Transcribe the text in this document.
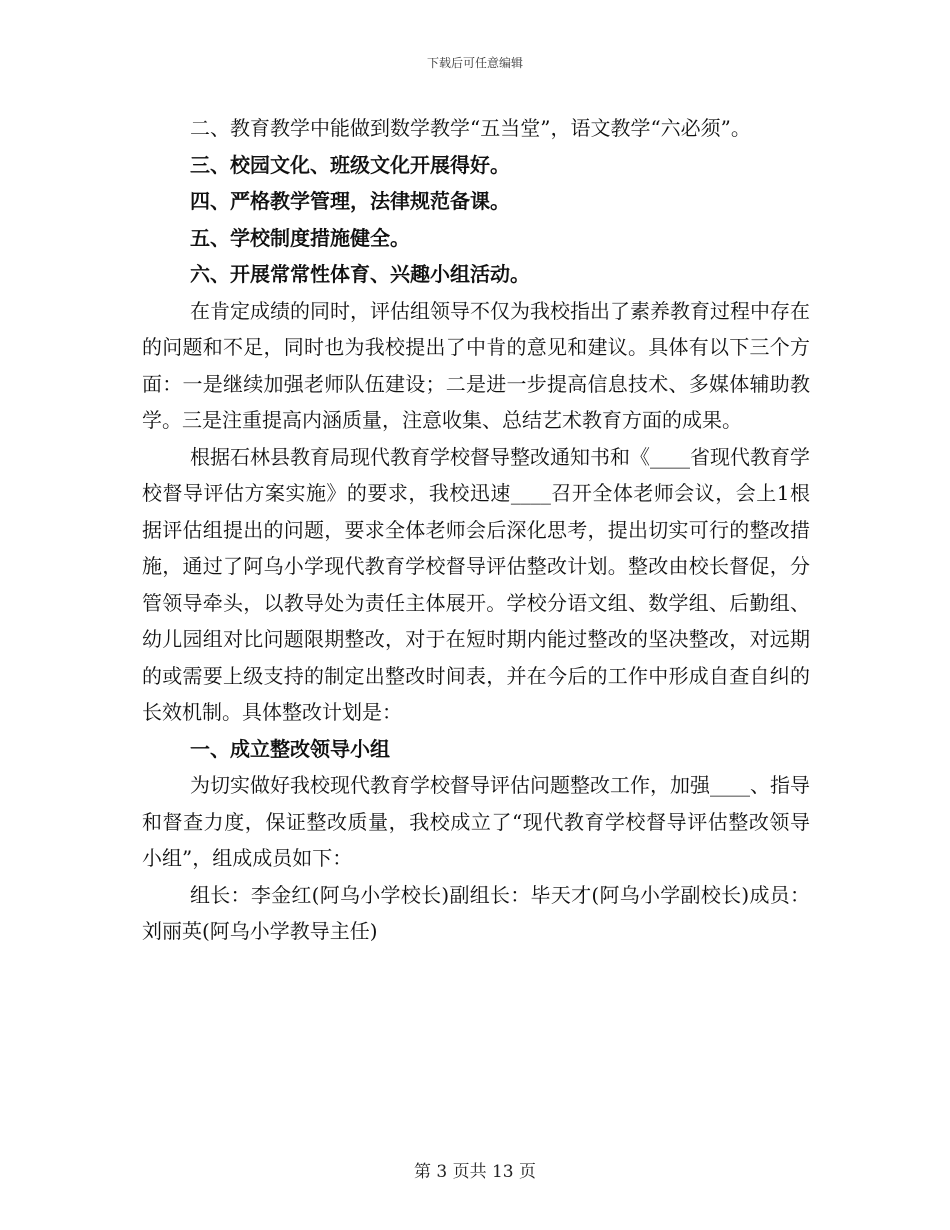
下载后可任意编辑

二、教育教学中能做到数学教学“五当堂”，语文教学“六必须”。

三、校园文化、班级文化开展得好。

四、严格教学管理，法律规范备课。

五、学校制度措施健全。

六、开展常常性体育、兴趣小组活动。

在肯定成绩的同时，评估组领导不仅为我校指出了素养教育过程中存在的问题和不足，同时也为我校提出了中肯的意见和建议。具体有以下三个方面：一是继续加强老师队伍建设；二是进一步提高信息技术、多媒体辅助教学。三是注重提高内涵质量，注意收集、总结艺术教育方面的成果。

根据石林县教育局现代教育学校督导整改通知书和《____省现代教育学校督导评估方案实施》的要求，我校迅速____召开全体老师会议，会上1根据评估组提出的问题，要求全体老师会后深化思考，提出切实可行的整改措施，通过了阿乌小学现代教育学校督导评估整改计划。整改由校长督促，分管领导牵头，以教导处为责任主体展开。学校分语文组、数学组、后勤组、幼儿园组对比问题限期整改，对于在短时期内能过整改的坚决整改，对远期的或需要上级支持的制定出整改时间表，并在今后的工作中形成自查自纠的长效机制。具体整改计划是：

一、成立整改领导小组

为切实做好我校现代教育学校督导评估问题整改工作，加强____、指导和督查力度，保证整改质量，我校成立了“现代教育学校督导评估整改领导小组”，组成成员如下：

组长：李金红(阿乌小学校长)副组长：毕天才(阿乌小学副校长)成员：刘丽英(阿乌小学教导主任)

第 3 页共 13 页
